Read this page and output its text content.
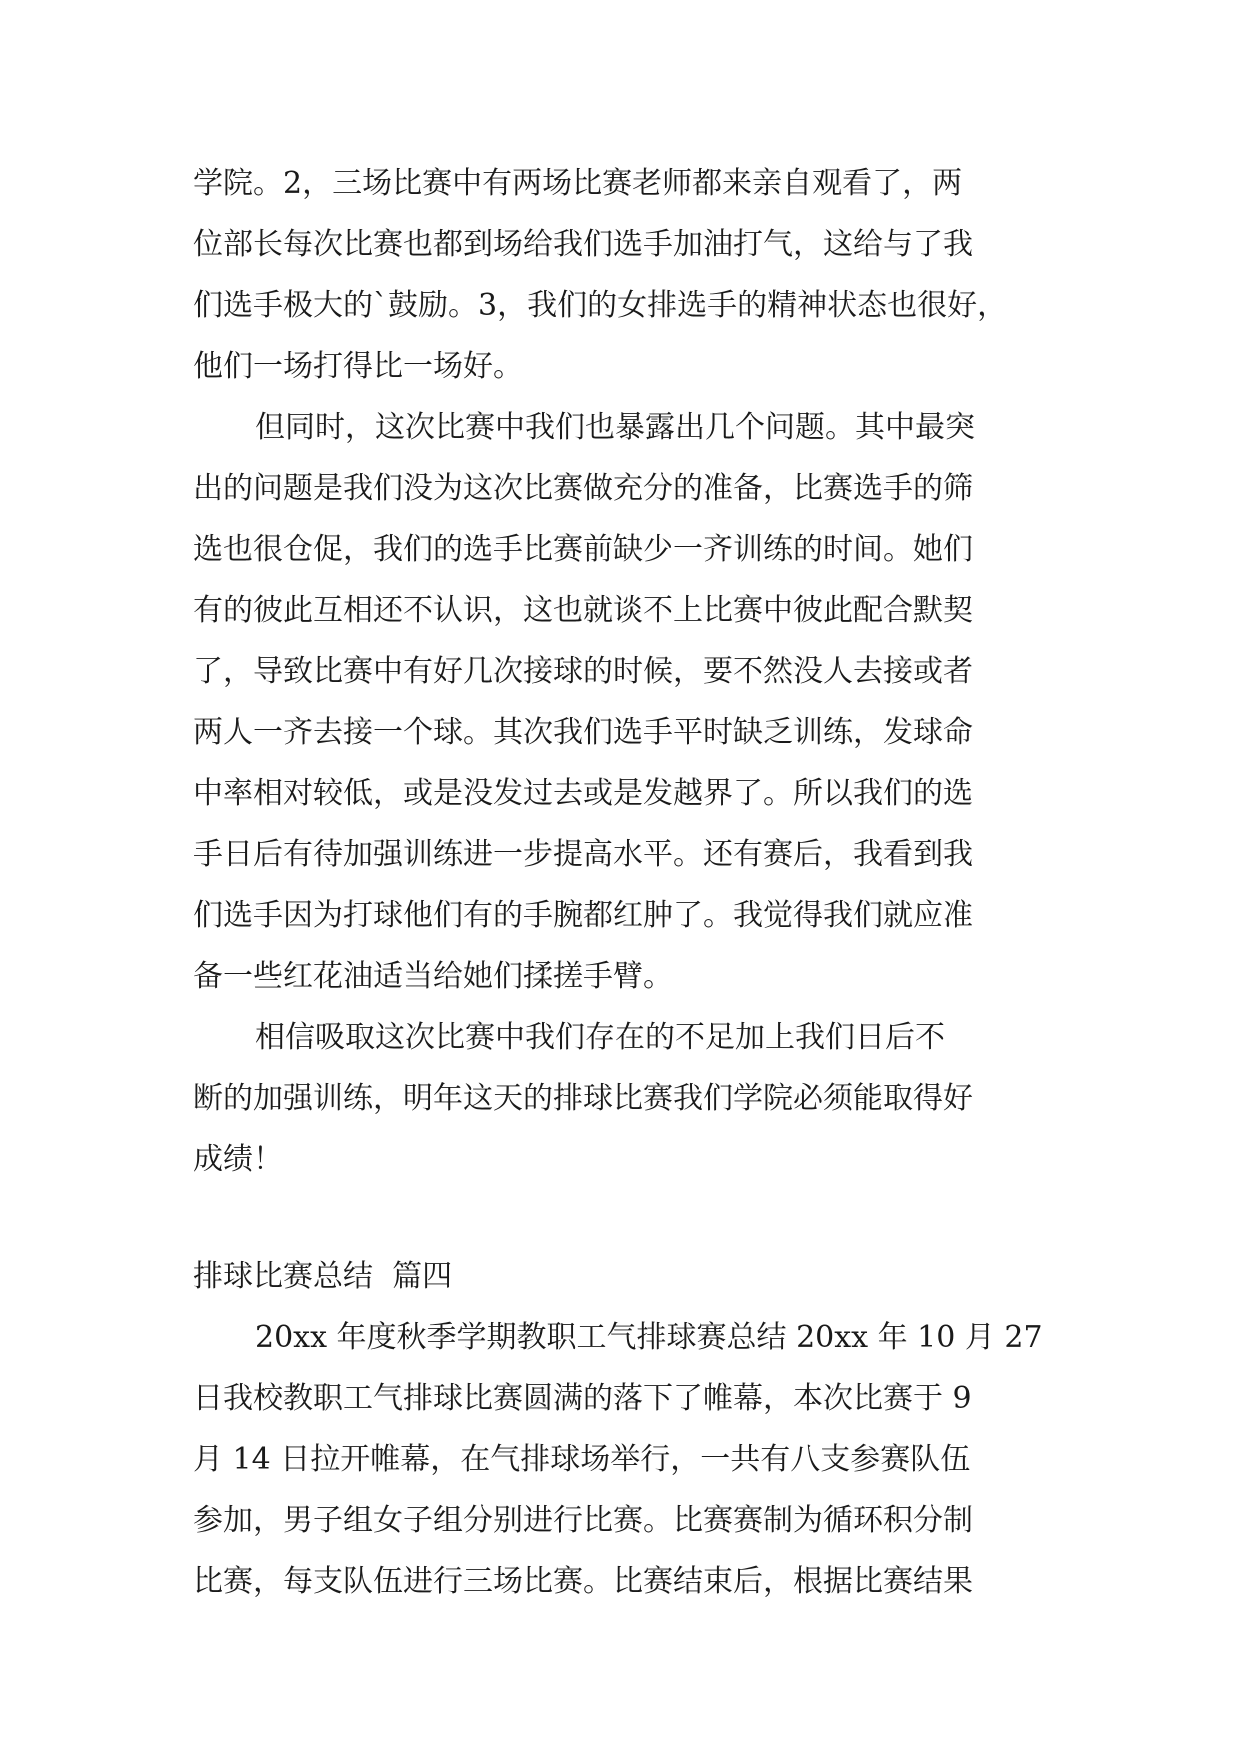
学院。2，三场比赛中有两场比赛老师都来亲自观看了，两
位部长每次比赛也都到场给我们选手加油打气，这给与了我
们选手极大的`鼓励。3，我们的女排选手的精神状态也很好，
他们一场打得比一场好。
但同时，这次比赛中我们也暴露出几个问题。其中最突
出的问题是我们没为这次比赛做充分的准备，比赛选手的筛
选也很仓促，我们的选手比赛前缺少一齐训练的时间。她们
有的彼此互相还不认识，这也就谈不上比赛中彼此配合默契
了，导致比赛中有好几次接球的时候，要不然没人去接或者
两人一齐去接一个球。其次我们选手平时缺乏训练，发球命
中率相对较低，或是没发过去或是发越界了。所以我们的选
手日后有待加强训练进一步提高水平。还有赛后，我看到我
们选手因为打球他们有的手腕都红肿了。我觉得我们就应准
备一些红花油适当给她们揉搓手臂。
相信吸取这次比赛中我们存在的不足加上我们日后不
断的加强训练，明年这天的排球比赛我们学院必须能取得好
成绩！
排球比赛总结  篇四
20xx 年度秋季学期教职工气排球赛总结 20xx 年 10 月 27
日我校教职工气排球比赛圆满的落下了帷幕，本次比赛于 9
月 14 日拉开帷幕，在气排球场举行，一共有八支参赛队伍
参加，男子组女子组分别进行比赛。比赛赛制为循环积分制
比赛，每支队伍进行三场比赛。比赛结束后，根据比赛结果
